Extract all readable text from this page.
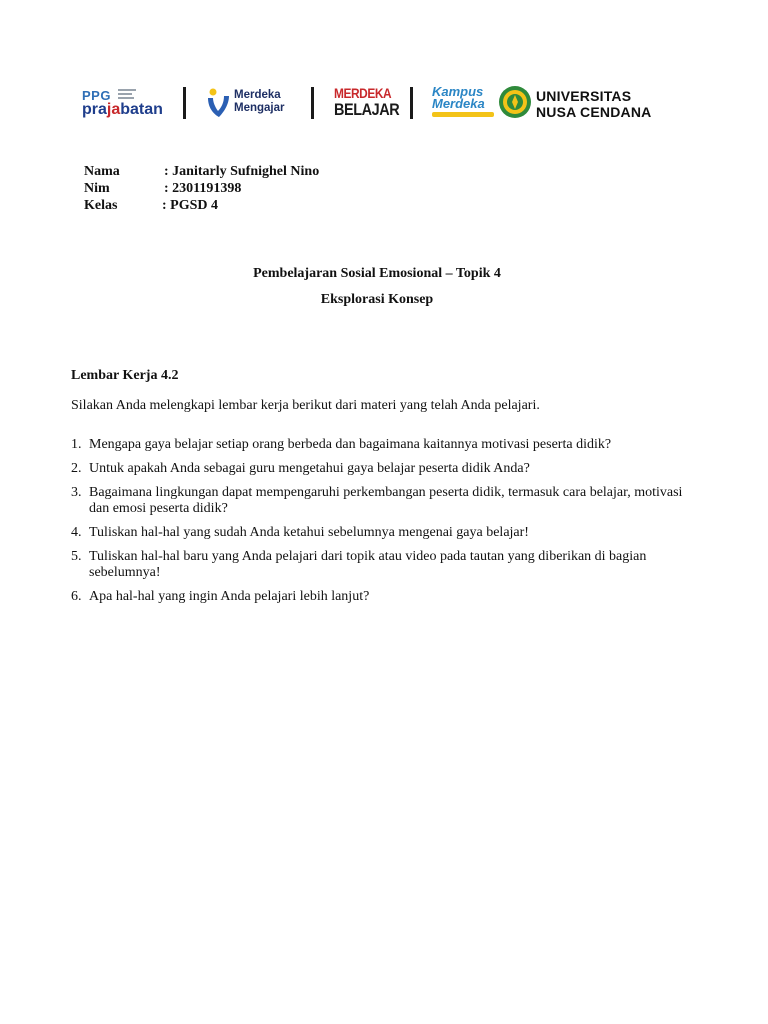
PPG
prajabatan
Merdeka
Mengajar
MERDEKA
BELAJAR
Kampus
Merdeka	UNIVERSITAS
NUSA CENDANA
Nama	: Janitarly Sufnighel Nino
Nim	: 2301191398
Kelas	: PGSD 4
Pembelajaran Sosial Emosional – Topik 4
Eksplorasi Konsep
Lembar Kerja 4.2
Silakan Anda melengkapi lembar kerja berikut dari materi yang telah Anda pelajari.
1. Mengapa gaya belajar setiap orang berbeda dan bagaimana kaitannya motivasi peserta didik?
2. Untuk apakah Anda sebagai guru mengetahui gaya belajar peserta didik Anda?
3. Bagaimana lingkungan dapat mempengaruhi perkembangan peserta didik, termasuk cara belajar, motivasi dan emosi peserta didik?
4. Tuliskan hal-hal yang sudah Anda ketahui sebelumnya mengenai gaya belajar!
5. Tuliskan hal-hal baru yang Anda pelajari dari topik atau video pada tautan yang diberikan di bagian sebelumnya!
6. Apa hal-hal yang ingin Anda pelajari lebih lanjut?
